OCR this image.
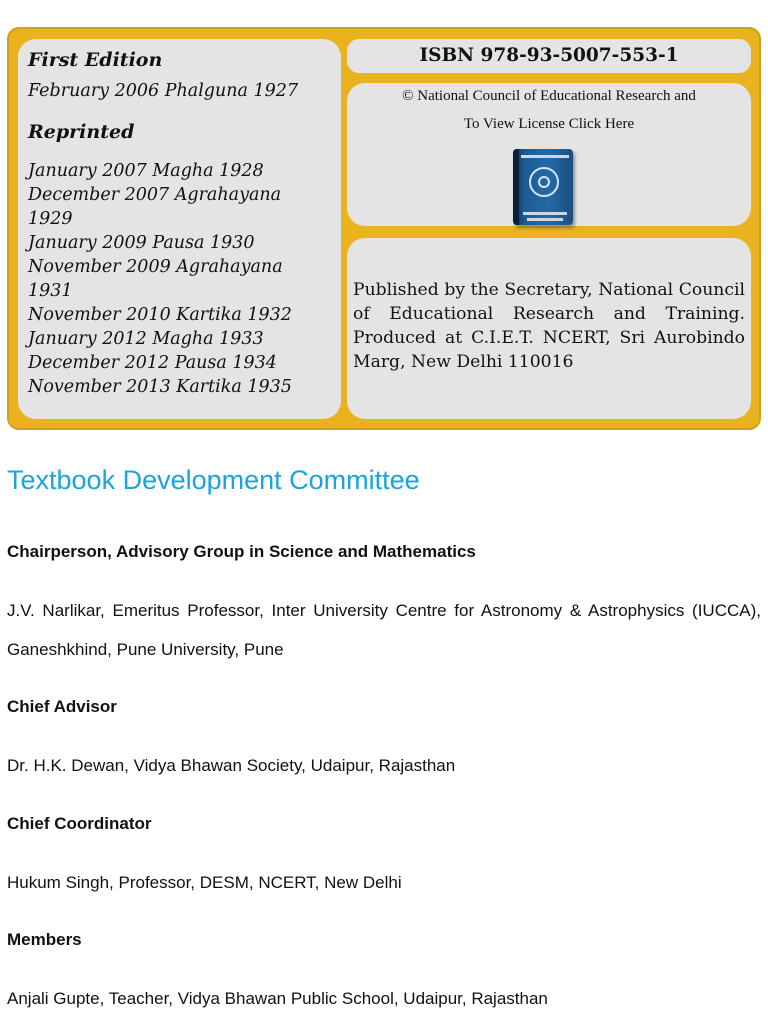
First Edition
February 2006 Phalguna 1927
Reprinted
January 2007 Magha 1928
December 2007 Agrahayana
1929
January 2009 Pausa 1930
November 2009 Agrahayana
1931
November 2010 Kartika 1932
January 2012 Magha 1933
December 2012 Pausa 1934
November 2013 Kartika 1935
ISBN 978-93-5007-553-1
© National Council of Educational Research and
To View License Click Here
Published by the Secretary, National Council of Educational Research and Training. Produced at C.I.E.T. NCERT, Sri Aurobindo Marg, New Delhi 110016
Textbook Development Committee
Chairperson, Advisory Group in Science and Mathematics
J.V. Narlikar, Emeritus Professor, Inter University Centre for Astronomy & Astrophysics (IUCCA), Ganeshkhind, Pune University, Pune
Chief Advisor
Dr. H.K. Dewan, Vidya Bhawan Society, Udaipur, Rajasthan
Chief Coordinator
Hukum Singh, Professor, DESM, NCERT, New Delhi
Members
Anjali Gupte, Teacher, Vidya Bhawan Public School, Udaipur, Rajasthan
